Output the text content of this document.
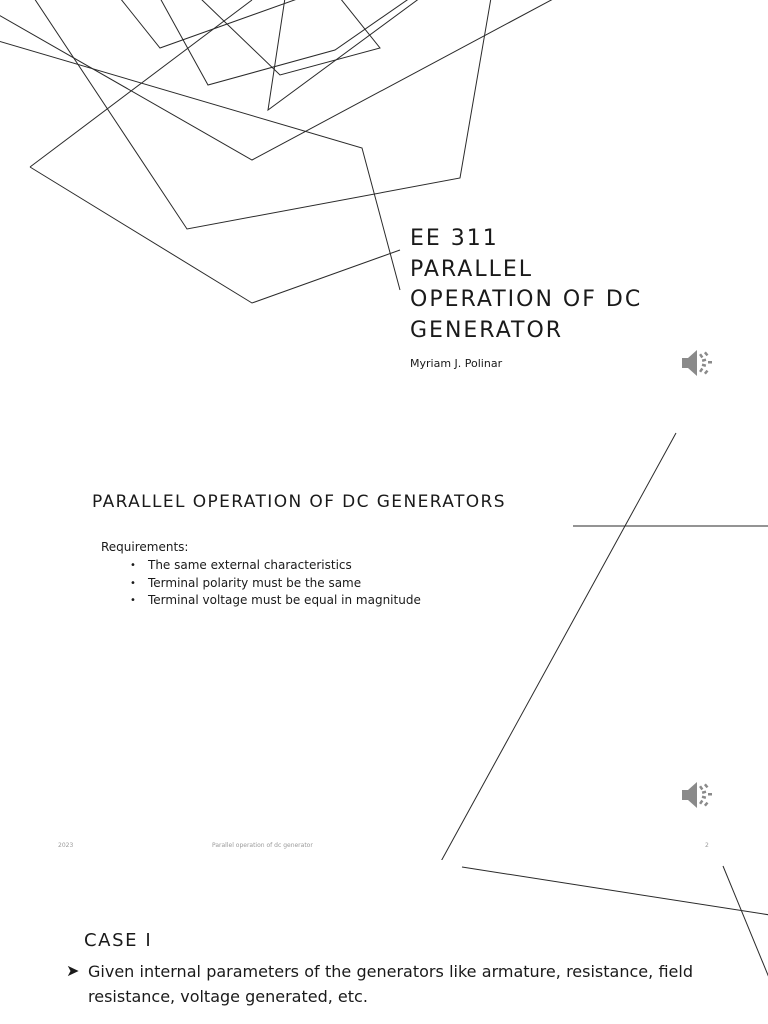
EE 311
PARALLEL
OPERATION OF DC
GENERATOR
Myriam J. Polinar
PARALLEL OPERATION OF DC GENERATORS
Requirements:
• The same external characteristics
• Terminal polarity must be the same
• Terminal voltage must be equal in magnitude
2023	Parallel operation of dc generator	2
CASE I
➤ Given internal parameters of the generators like armature, resistance, field resistance, voltage generated, etc.
